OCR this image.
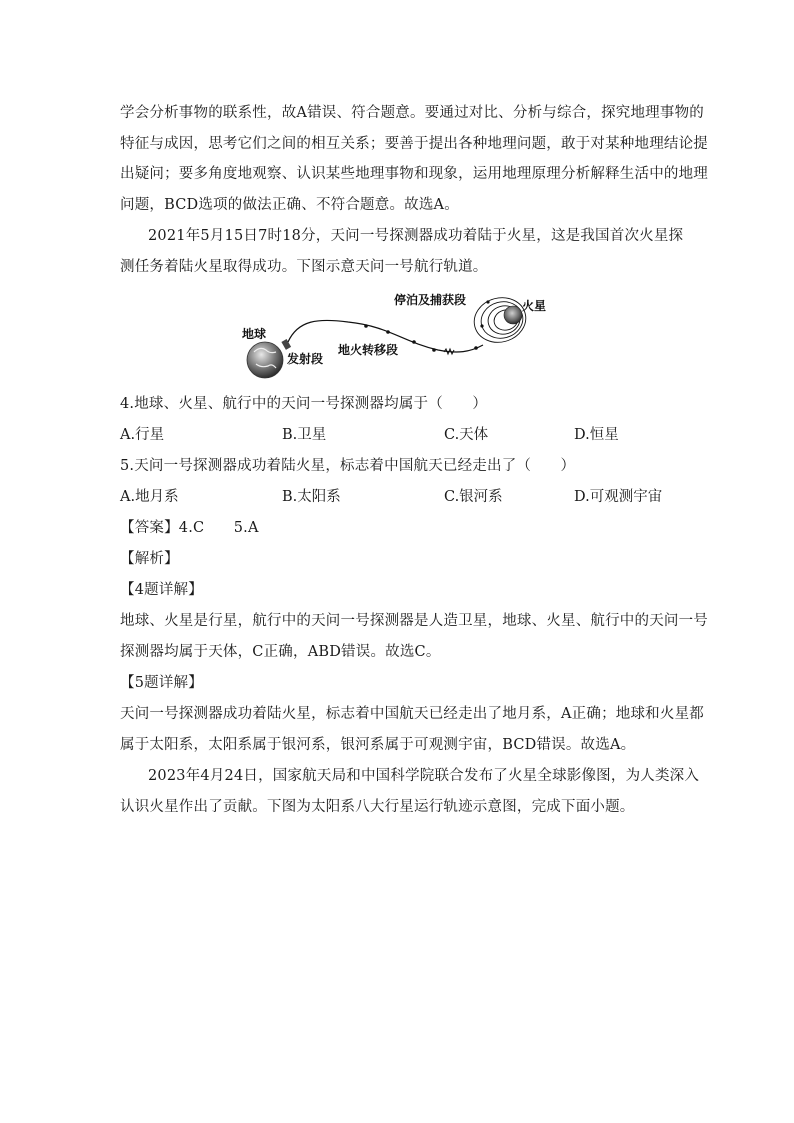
学会分析事物的联系性，故A错误、符合题意。要通过对比、分析与综合，探究地理事物的
特征与成因，思考它们之间的相互关系；要善于提出各种地理问题，敢于对某种地理结论提
出疑问；要多角度地观察、认识某些地理事物和现象，运用地理原理分析解释生活中的地理
问题，BCD选项的做法正确、不符合题意。故选A。
2021年5月15日7时18分，天问一号探测器成功着陆于火星，这是我国首次火星探
测任务着陆火星取得成功。下图示意天问一号航行轨道。
地球
发射段
地火转移段
停泊及捕获段	火星
4.地球、火星、航行中的天问一号探测器均属于（　　）
A.行星	B.卫星	C.天体	D.恒星
5.天问一号探测器成功着陆火星，标志着中国航天已经走出了（　　）
A.地月系	B.太阳系	C.银河系	D.可观测宇宙
【答案】4.C　　5.A
【解析】
【4题详解】
地球、火星是行星，航行中的天问一号探测器是人造卫星，地球、火星、航行中的天问一号
探测器均属于天体，C正确，ABD错误。故选C。
【5题详解】
天问一号探测器成功着陆火星，标志着中国航天已经走出了地月系，A正确；地球和火星都
属于太阳系，太阳系属于银河系，银河系属于可观测宇宙，BCD错误。故选A。
2023年4月24日，国家航天局和中国科学院联合发布了火星全球影像图，为人类深入
认识火星作出了贡献。下图为太阳系八大行星运行轨迹示意图，完成下面小题。
